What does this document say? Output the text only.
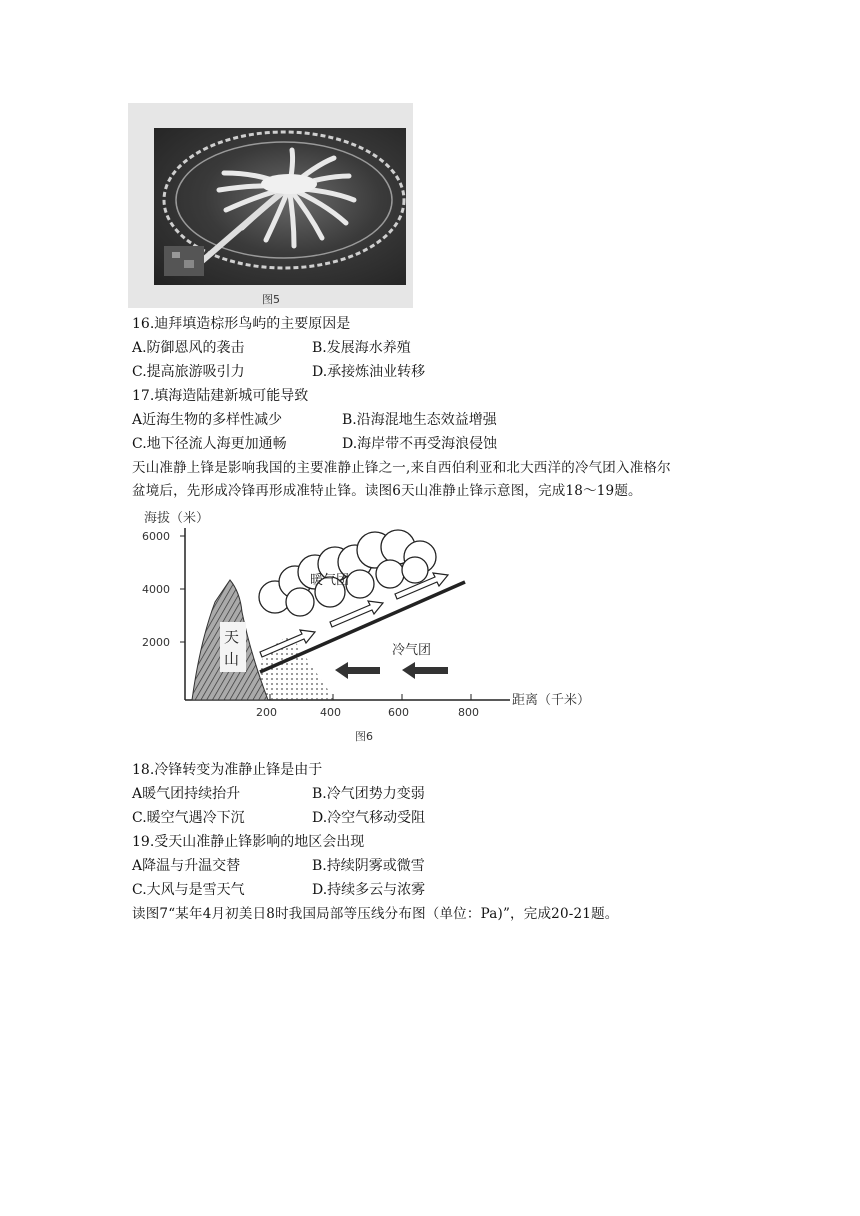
图5
16.迪拜填造棕形鸟屿的主要原因是
A.防御恩风的袭击	B.发展海水养殖
C.提高旅游吸引力	D.承接炼油业转移
17.填海造陆建新城可能导致
A近海生物的多样性减少	B.沿海混地生态效益增强
C.地下径流人海更加通畅	D.海岸带不再受海浪侵蚀
天山准静上锋是影响我国的主要准静止锋之一,来自西伯利亚和北大西洋的冷气团入准格尔
盆境后，先形成冷锋再形成准特止锋。读图6天山准静止锋示意图，完成18～19题。
海拔（米）
6000
4000
2000
200	400	600	800
距离（千米）
天
山
暖气团
冷气团
图6
18.冷锋转变为准静止锋是由于
A暖气团持续抬升	B.冷气团势力变弱
C.暖空气遇冷下沉	D.冷空气移动受阻
19.受天山准静止锋影响的地区会出现
A降温与升温交替	B.持续阴雾或微雪
C.大风与是雪天气	D.持续多云与浓雾
读图7“某年4月初美日8时我国局部等压线分布图（单位：Pa)”，完成20-21题。
